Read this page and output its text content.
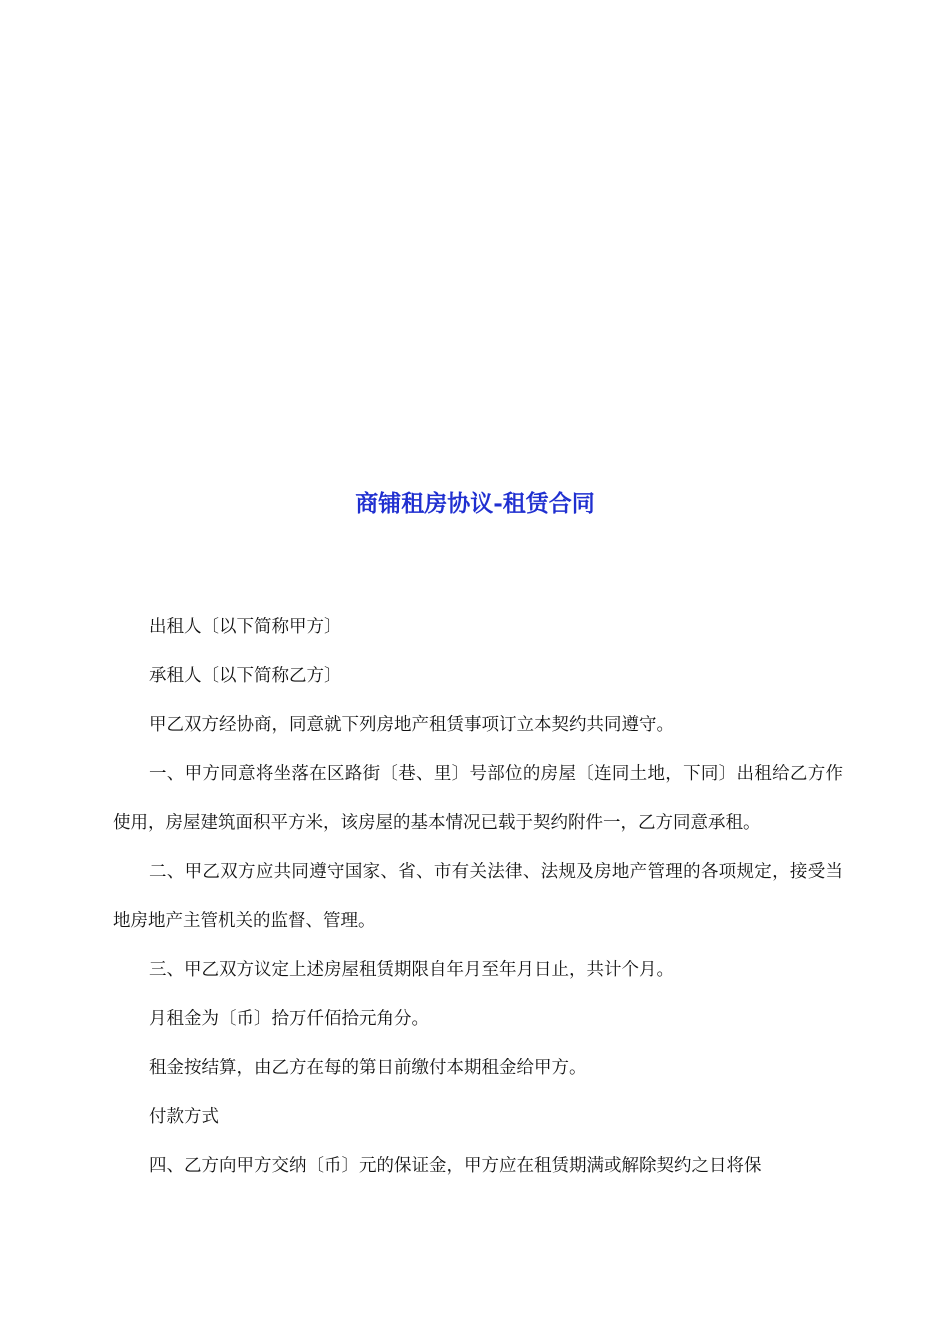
商铺租房协议-租赁合同

出租人〔以下简称甲方〕

承租人〔以下简称乙方〕

甲乙双方经协商，同意就下列房地产租赁事项订立本契约共同遵守。

一、甲方同意将坐落在区路街〔巷、里〕号部位的房屋〔连同土地，下同〕出租给乙方作使用，房屋建筑面积平方米，该房屋的基本情况已载于契约附件一，乙方同意承租。

二、甲乙双方应共同遵守国家、省、市有关法律、法规及房地产管理的各项规定，接受当地房地产主管机关的监督、管理。

三、甲乙双方议定上述房屋租赁期限自年月至年月日止，共计个月。

月租金为〔币〕拾万仟佰拾元角分。

租金按结算，由乙方在每的第日前缴付本期租金给甲方。

付款方式

四、乙方向甲方交纳〔币〕元的保证金，甲方应在租赁期满或解除契约之日将保
